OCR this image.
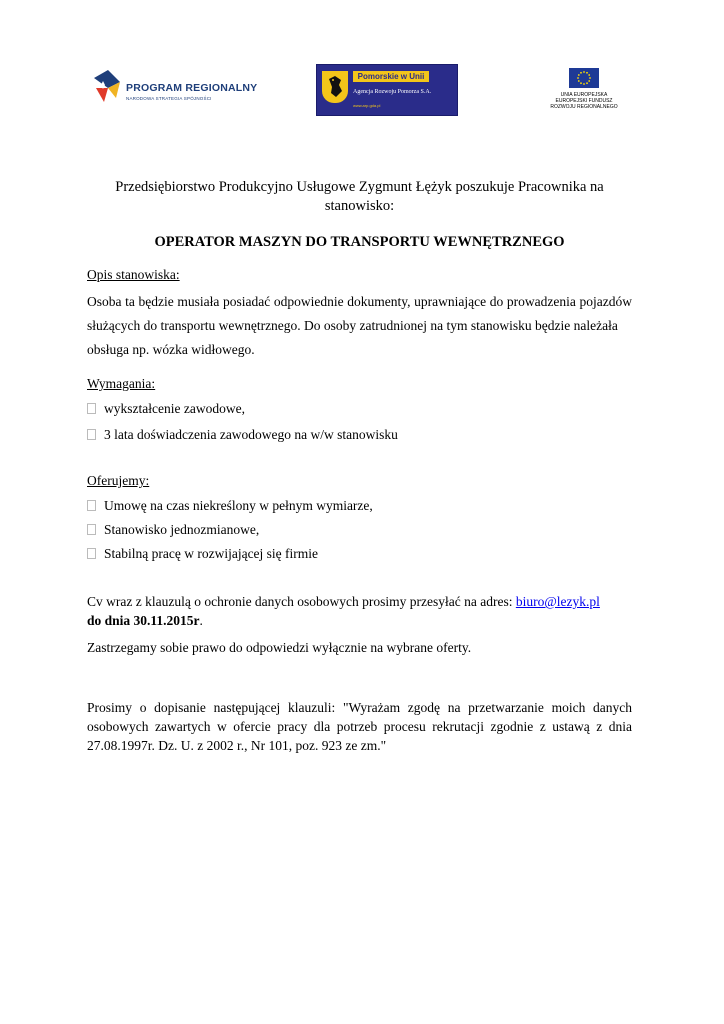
PROGRAM REGIONALNY
NARODOWA STRATEGIA SPÓJNOŚCI
Pomorskie w Unii
Agencja Rozwoju Pomorza S.A.
www.arp.gda.pl
UNIA EUROPEJSKA
EUROPEJSKI FUNDUSZ
ROZWOJU REGIONALNEGO
Przedsiębiorstwo Produkcyjno Usługowe Zygmunt Łężyk poszukuje Pracownika na stanowisko:
OPERATOR MASZYN DO TRANSPORTU WEWNĘTRZNEGO
Opis stanowiska:
Osoba ta będzie musiała posiadać odpowiednie dokumenty, uprawniające do prowadzenia pojazdów służących do transportu wewnętrznego. Do osoby zatrudnionej na tym stanowisku będzie należała
obsługa np. wózka widłowego.
Wymagania:
wykształcenie zawodowe,
3 lata doświadczenia zawodowego na w/w stanowisku
Oferujemy:
Umowę na czas niekreślony w pełnym wymiarze,
Stanowisko jednozmianowe,
Stabilną pracę w rozwijającej się firmie
Cv wraz z klauzulą o ochronie danych osobowych prosimy przesyłać na adres: biuro@lezyk.pl
do dnia 30.11.2015r.
Zastrzegamy sobie prawo do odpowiedzi wyłącznie na wybrane oferty.
Prosimy o dopisanie następującej klauzuli: "Wyrażam zgodę na przetwarzanie moich danych osobowych zawartych w ofercie pracy dla potrzeb procesu rekrutacji zgodnie z ustawą z dnia 27.08.1997r. Dz. U. z 2002 r., Nr 101, poz. 923 ze zm."
